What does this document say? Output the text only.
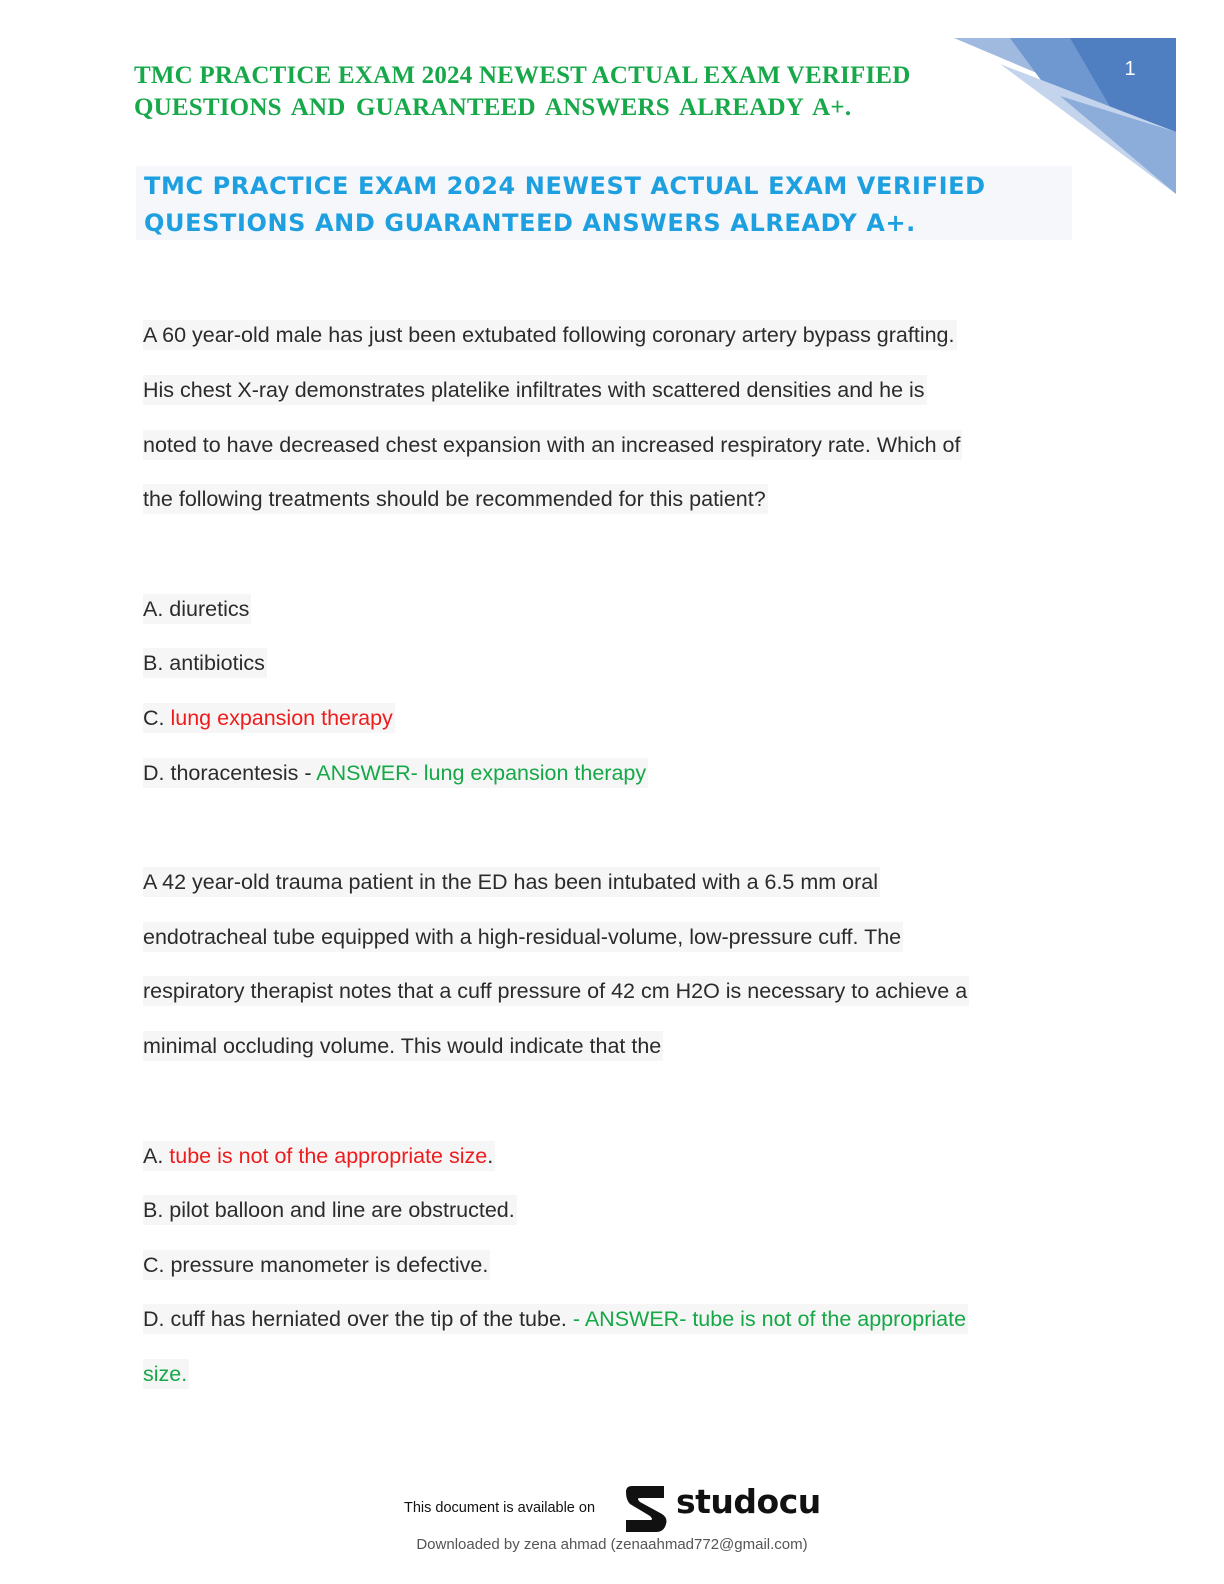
1
TMC PRACTICE EXAM 2024 NEWEST ACTUAL EXAM VERIFIED
QUESTIONS AND GUARANTEED ANSWERS ALREADY A+.
TMC PRACTICE EXAM 2024 NEWEST ACTUAL EXAM VERIFIED
QUESTIONS AND GUARANTEED ANSWERS ALREADY A+.
A 60 year-old male has just been extubated following coronary artery bypass grafting.
His chest X-ray demonstrates platelike infiltrates with scattered densities and he is
noted to have decreased chest expansion with an increased respiratory rate. Which of
the following treatments should be recommended for this patient?
A. diuretics
B. antibiotics
C. lung expansion therapy
D. thoracentesis - ANSWER- lung expansion therapy
A 42 year-old trauma patient in the ED has been intubated with a 6.5 mm oral
endotracheal tube equipped with a high-residual-volume, low-pressure cuff. The
respiratory therapist notes that a cuff pressure of 42 cm H2O is necessary to achieve a
minimal occluding volume. This would indicate that the
A. tube is not of the appropriate size.
B. pilot balloon and line are obstructed.
C. pressure manometer is defective.
D. cuff has herniated over the tip of the tube. - ANSWER- tube is not of the appropriate
size.
This document is available on studocu
Downloaded by zena ahmad (zenaahmad772@gmail.com)
